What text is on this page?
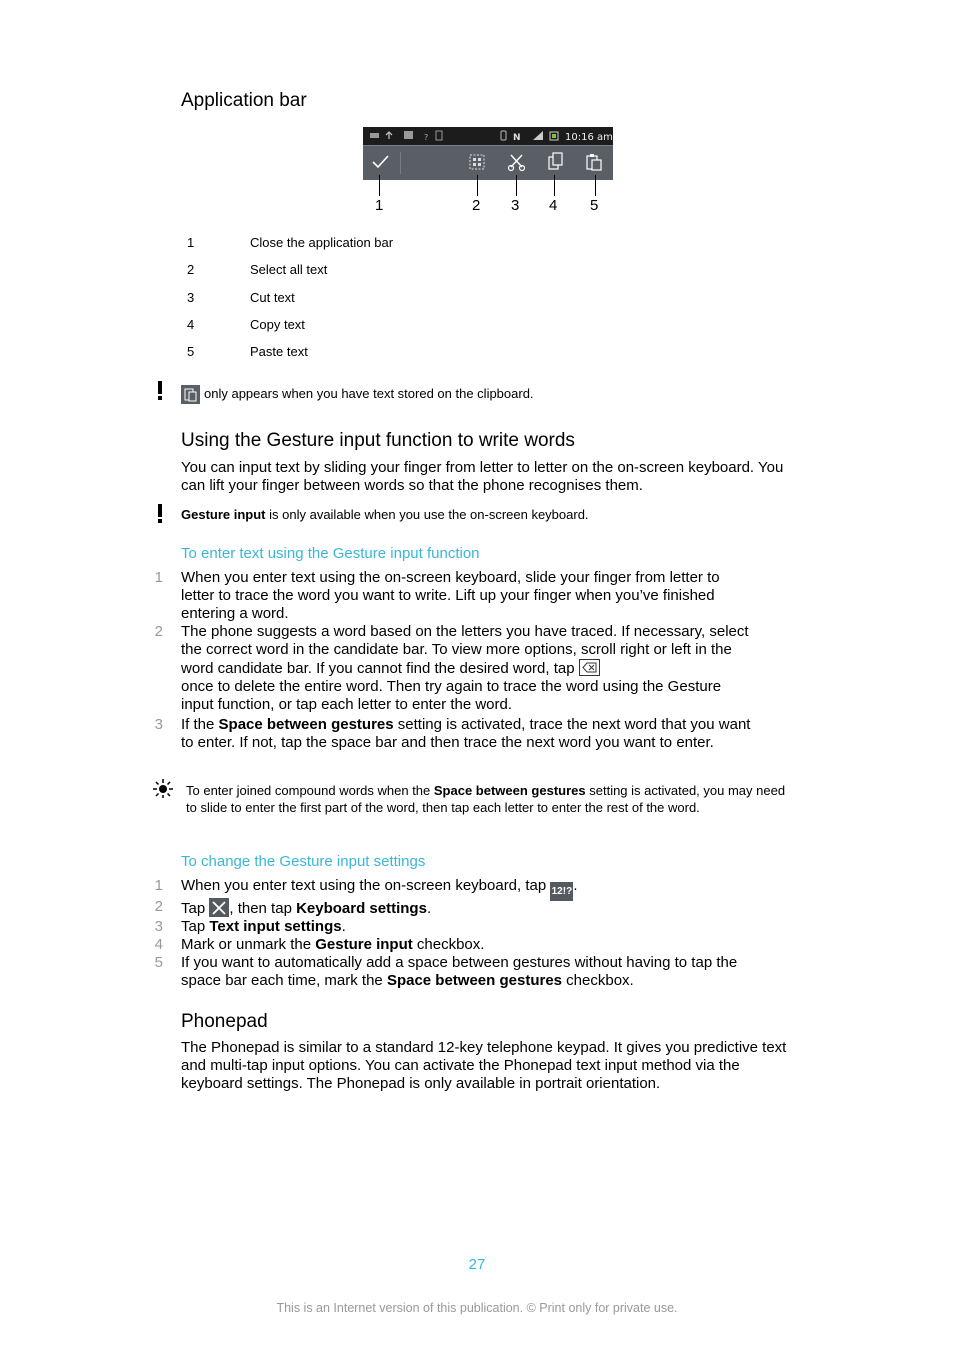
Application bar
?	N	10:16 am
1	2 3 4 5
1	Close the application bar
2	Select all text
3	Cut text
4	Copy text
5	Paste text
only appears when you have text stored on the clipboard.
Using the Gesture input function to write words
You can input text by sliding your finger from letter to letter on the on-screen keyboard. You can lift your finger between words so that the phone recognises them.
Gesture input is only available when you use the on-screen keyboard.
To enter text using the Gesture input function
1 When you enter text using the on-screen keyboard, slide your finger from letter to letter to trace the word you want to write. Lift up your finger when you’ve finished entering a word.
2 The phone suggests a word based on the letters you have traced. If necessary, select the correct word in the candidate bar. To view more options, scroll right or left in the word candidate bar. If you cannot find the desired word, tap
once to delete the entire word. Then try again to trace the word using the Gesture input function, or tap each letter to enter the word.
3 If the Space between gestures setting is activated, trace the next word that you want to enter. If not, tap the space bar and then trace the next word you want to enter.
To enter joined compound words when the Space between gestures setting is activated, you may need to slide to enter the first part of the word, then tap each letter to enter the rest of the word.
To change the Gesture input settings
1 When you enter text using the on-screen keyboard, tap 12!?.
2 Tap , then tap Keyboard settings.
3 Tap Text input settings.
4 Mark or unmark the Gesture input checkbox.
5 If you want to automatically add a space between gestures without having to tap the space bar each time, mark the Space between gestures checkbox.
Phonepad
The Phonepad is similar to a standard 12-key telephone keypad. It gives you predictive text and multi-tap input options. You can activate the Phonepad text input method via the keyboard settings. The Phonepad is only available in portrait orientation.
27
This is an Internet version of this publication. © Print only for private use.
